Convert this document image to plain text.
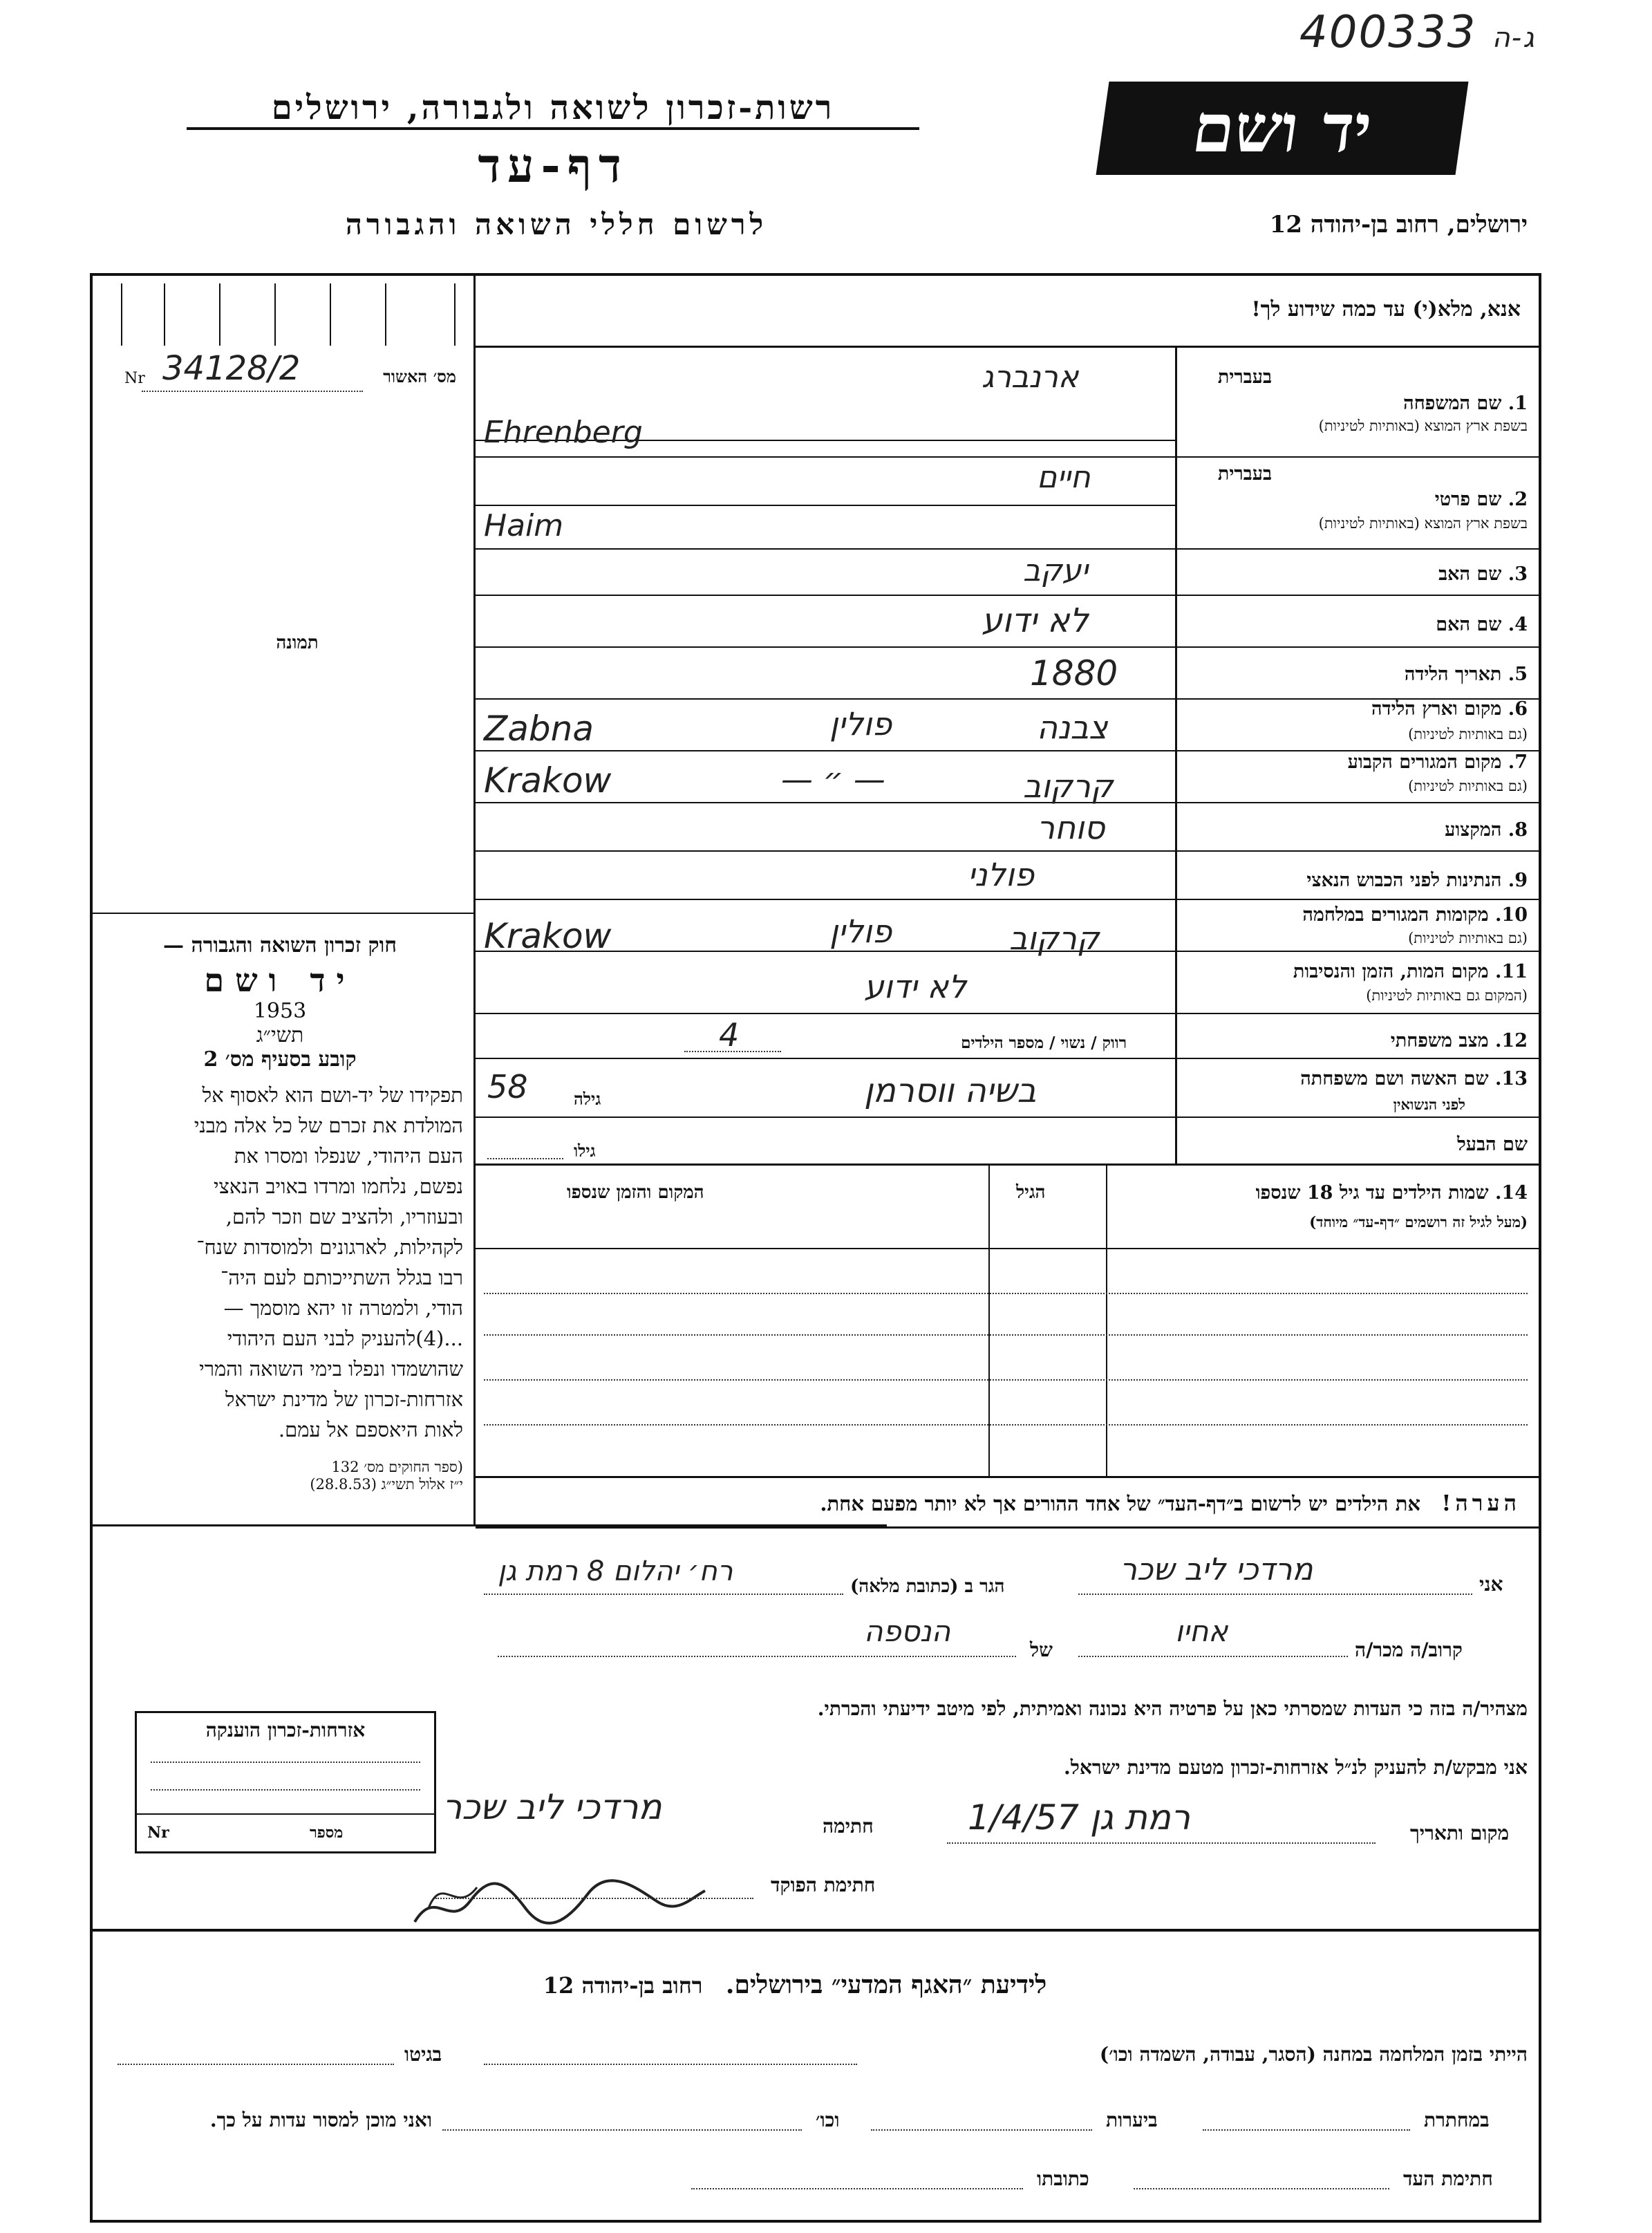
400333 ג-ה
יד ושם
רשות-זכרון לשואה ולגבורה, ירושלים
דף-עד
לרשום חללי השואה והגבורה	ירושלים, רחוב בן-יהודה 12
אנא, מלא(י) עד כמה שידוע לך!
מס׳ האשור
34128/2
Nr
תמונה

חוק זכרון השואה והגבורה —

יד ושם

1953

תשי״ג

קובע בסעיף מס׳ 2

תפקידו של יד-ושם הוא לאסוף אל

המולדת את זכרם של כל אלה מבני

העם היהודי, שנפלו ומסרו את

נפשם, נלחמו ומרדו באויב הנאצי

ובעוזריו, ולהציב שם וזכר להם,

לקהילות, לארגונים ולמוסדות שנח־

רבו בגלל השתייכותם לעם היה־

הודי, ולמטרה זו יהא מוסמך —

...(4)להעניק לבני העם היהודי

שהושמדו ונפלו בימי השואה והמרי

אזרחות-זכרון של מדינת ישראל

לאות היאספם אל עמם.

(ספר החוקים מס׳ 132

י״ז אלול תשי״ג (28.8.53)

אזרחות-זכרון הוענקה
מספר
Nr
בעברית
1. שם המשפחה
בשפת ארץ המוצא (באותיות לטיניות)
ארנברג
Ehrenberg
בעברית
2. שם פרטי
בשפת ארץ המוצא (באותיות לטיניות)
חיים
Haim
3. שם האב
יעקב
4. שם האם
לא ידוע
5. תאריך הלידה
1880
6. מקום וארץ הלידה
(גם באותיות לטיניות)
Zabna	פולין	צבנה
7. מקום המגורים הקבוע
(גם באותיות לטיניות)
Krakow	— ״ —	קרקוב
8. המקצוע
סוחר
9. הנתינות לפני הכבוש הנאצי
פולני
10. מקומות המגורים במלחמה
(גם באותיות לטיניות)
Krakow	פולין	קרקוב
11. מקום המות, הזמן והנסיבות
(המקום גם באותיות לטיניות)
לא ידוע
12. מצב משפחתי
רווק / נשוי / מספר הילדים
4
13. שם האשה ושם משפחתה
לפני הנשואין
בשיה ווסרמן
גילה
58
שם הבעל
גילו
14. שמות הילדים עד גיל 18 שנספו
(מעל לגיל זה רושמים ״דף-עד״ מיוחד)
הגיל
המקום והזמן שנספו
הערה!   את הילדים יש לרשום ב״דף-העד״ של אחד ההורים אך לא יותר מפעם אחת.
אני
מרדכי ליב שכר
הגר ב (כתובת מלאה)
רח׳ יהלום 8 רמת גן
קרוב/ה מכר/ה
אחיו
של
הנספה
מצהיר/ה בזה כי העדות שמסרתי כאן על פרטיה היא נכונה ואמיתית, לפי מיטב ידיעתי והכרתי.
אני מבקש/ת להעניק לנ״ל אזרחות-זכרון מטעם מדינת ישראל.
מקום ותאריך
רמת גן 1/4/57
חתימה
מרדכי ליב שכר
חתימת הפוקד
לידיעת ״האגף המדעי״ בירושלים.   רחוב בן-יהודה 12
הייתי בזמן המלחמה במחנה (הסגר, עבודה, השמדה וכו׳)
בגיטו
במחתרת
ביערות
וכו׳
ואני מוכן למסור עדות על כך.
חתימת העד
כתובתו
